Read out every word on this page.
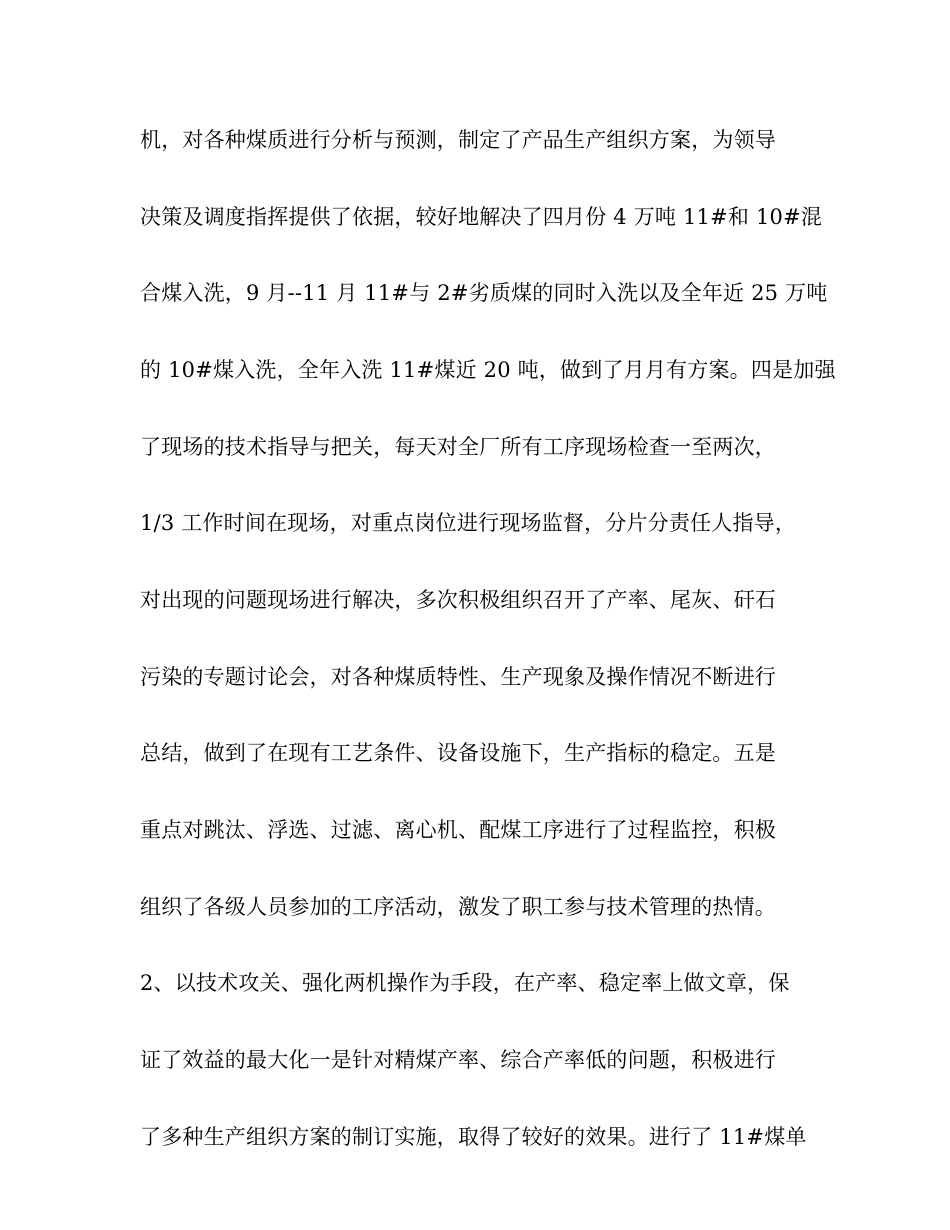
机，对各种煤质进行分析与预测，制定了产品生产组织方案，为领导
决策及调度指挥提供了依据，较好地解决了四月份 4 万吨 11#和 10#混
合煤入洗，9 月--11 月 11#与 2#劣质煤的同时入洗以及全年近 25 万吨
的 10#煤入洗，全年入洗 11#煤近 20 吨，做到了月月有方案。四是加强
了现场的技术指导与把关，每天对全厂所有工序现场检查一至两次，
1/3 工作时间在现场，对重点岗位进行现场监督，分片分责任人指导，
对出现的问题现场进行解决，多次积极组织召开了产率、尾灰、矸石
污染的专题讨论会，对各种煤质特性、生产现象及操作情况不断进行
总结，做到了在现有工艺条件、设备设施下，生产指标的稳定。五是
重点对跳汰、浮选、过滤、离心机、配煤工序进行了过程监控，积极
组织了各级人员参加的工序活动，激发了职工参与技术管理的热情。
2、以技术攻关、强化两机操作为手段，在产率、稳定率上做文章，保
证了效益的最大化一是针对精煤产率、综合产率低的问题，积极进行
了多种生产组织方案的制订实施，取得了较好的效果。进行了 11#煤单
